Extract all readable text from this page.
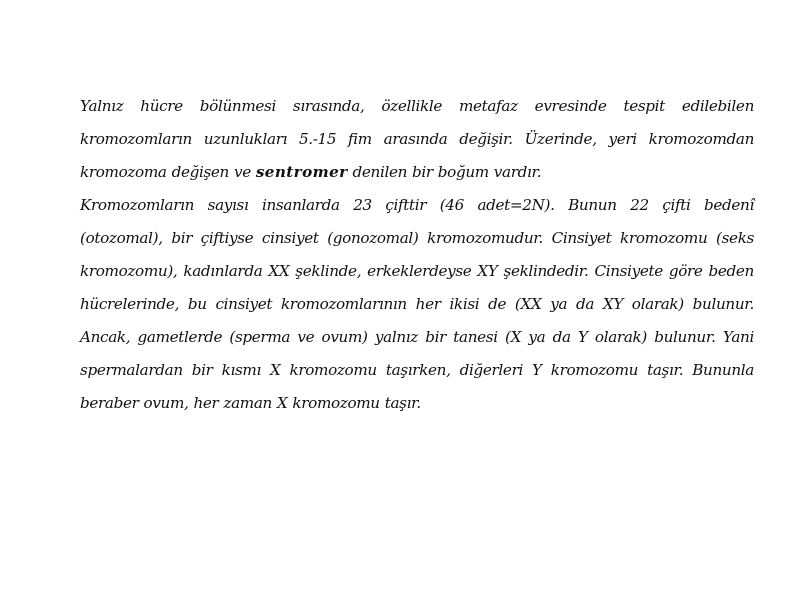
Yalnız hücre bölünmesi sırasında, özellikle metafaz evresinde tespit edilebilen kromozomların uzunlukları 5.-15 fim arasında değişir. Üzerinde, yeri kromozomdan kromozoma değişen ve sentromer denilen bir boğum vardır.

Kromozomların sayısı insanlarda 23 çifttir (46 adet=2N). Bunun 22 çifti bedenî (otozomal), bir çiftiyse cinsiyet (gonozomal) kromozomudur. Cinsiyet kromozomu (seks kromozomu), kadınlarda XX şeklinde, erkeklerdeyse XY şeklindedir. Cinsiyete göre beden hücrelerinde, bu cinsiyet kromozomlarının her ikisi de (XX ya da XY olarak) bulunur. Ancak, gametlerde (sperma ve ovum) yalnız bir tanesi (X ya da Y olarak) bulunur. Yani spermalardan bir kısmı X kromozomu taşırken, diğerleri Y kromozomu taşır. Bununla beraber ovum, her zaman X kromozomu taşır.
